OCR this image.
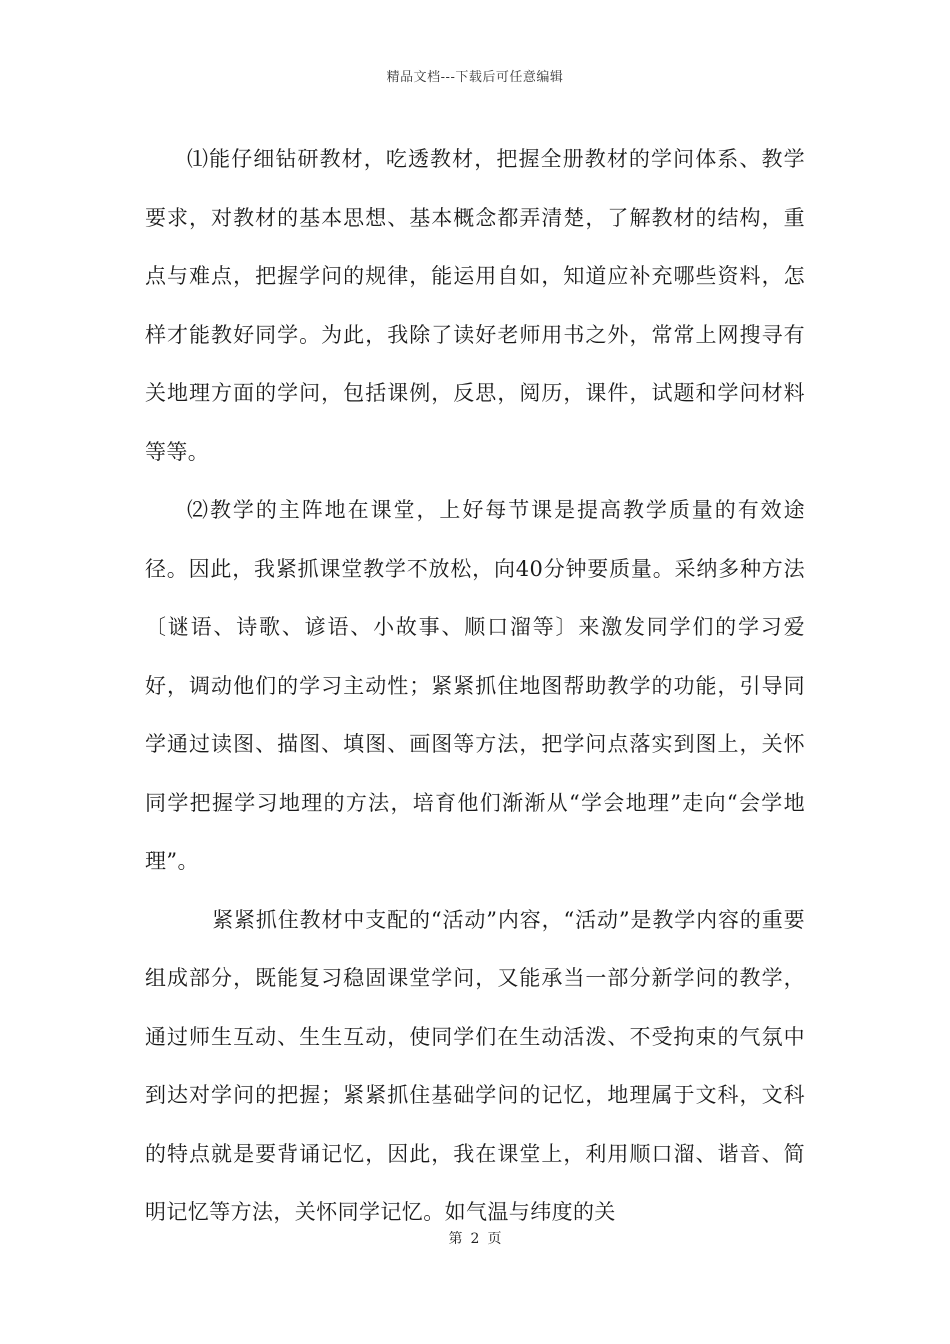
精品文档---下载后可任意编辑

⑴能仔细钻研教材，吃透教材，把握全册教材的学问体系、教学要求，对教材的基本思想、基本概念都弄清楚，了解教材的结构，重点与难点，把握学问的规律，能运用自如，知道应补充哪些资料，怎样才能教好同学。为此，我除了读好老师用书之外，常常上网搜寻有关地理方面的学问，包括课例，反思，阅历，课件，试题和学问材料等等。

⑵教学的主阵地在课堂，上好每节课是提高教学质量的有效途径。因此，我紧抓课堂教学不放松，向40分钟要质量。采纳多种方法〔谜语、诗歌、谚语、小故事、顺口溜等〕来激发同学们的学习爱好，调动他们的学习主动性；紧紧抓住地图帮助教学的功能，引导同学通过读图、描图、填图、画图等方法，把学问点落实到图上，关怀同学把握学习地理的方法，培育他们渐渐从“学会地理”走向“会学地理”。

紧紧抓住教材中支配的“活动”内容，“活动”是教学内容的重要组成部分，既能复习稳固课堂学问，又能承当一部分新学问的教学，通过师生互动、生生互动，使同学们在生动活泼、不受拘束的气氛中到达对学问的把握；紧紧抓住基础学问的记忆，地理属于文科，文科的特点就是要背诵记忆，因此，我在课堂上，利用顺口溜、谐音、简明记忆等方法，关怀同学记忆。如气温与纬度的关

第 2 页
